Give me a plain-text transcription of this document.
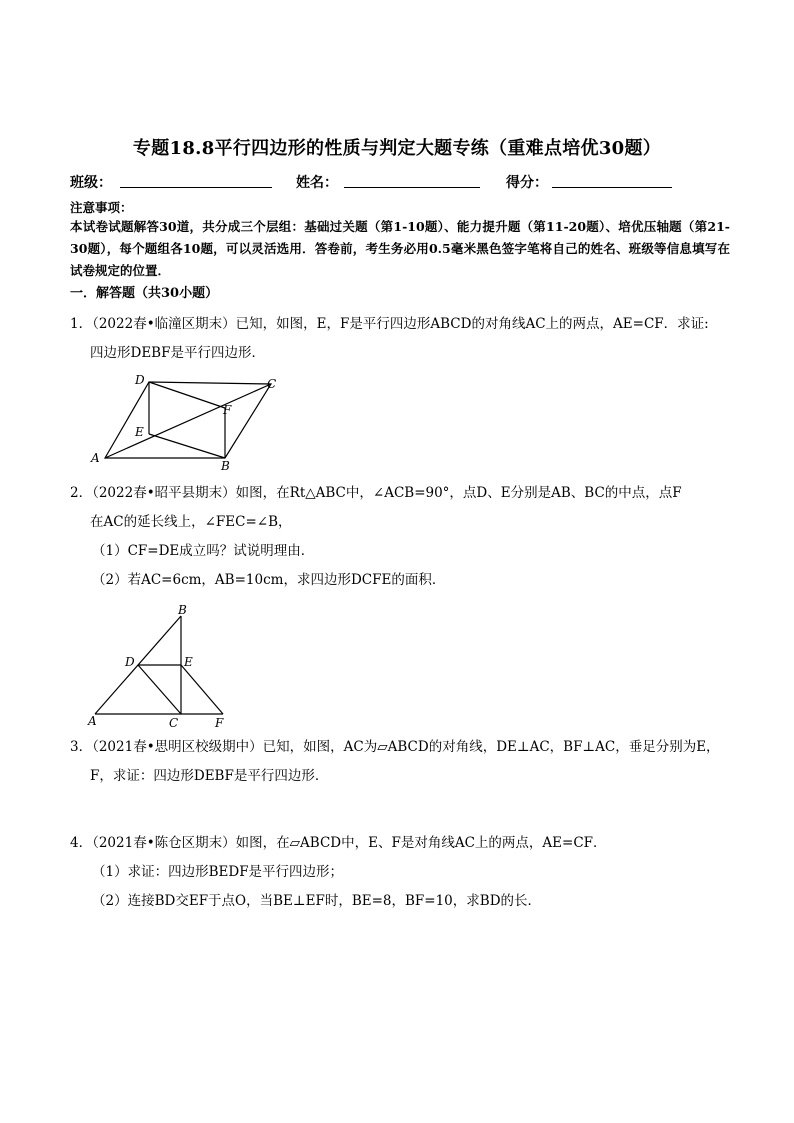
专题18.8平行四边形的性质与判定大题专练（重难点培优30题）
班级：	姓名：	得分：
注意事项：
本试卷试题解答30道，共分成三个层组：基础过关题（第1-10题）、能力提升题（第11-20题）、培优压轴题（第21-30题），每个题组各10题，可以灵活选用．答卷前，考生务必用0.5毫米黑色签字笔将自己的姓名、班级等信息填写在试卷规定的位置．
一．解答题（共30小题）
1．（2022春•临潼区期末）已知，如图，E，F是平行四边形ABCD的对角线AC上的两点，AE=CF．求证:
四边形DEBF是平行四边形．
D	C
F
E
A
B
2．（2022春•昭平县期末）如图，在Rt△ABC中，∠ACB=90°，点D、E分别是AB、BC的中点，点F
在AC的延长线上，∠FEC=∠B，
（1）CF=DE成立吗？试说明理由．
（2）若AC=6cm，AB=10cm，求四边形DCFE的面积．
B
D	E
A	C	F
3．（2021春•思明区校级期中）已知，如图，AC为▱ABCD的对角线，DE⊥AC，BF⊥AC，垂足分别为E，
F，求证：四边形DEBF是平行四边形．
4．（2021春•陈仓区期末）如图，在▱ABCD中，E、F是对角线AC上的两点，AE=CF．
（1）求证：四边形BEDF是平行四边形；
（2）连接BD交EF于点O，当BE⊥EF时，BE=8，BF=10，求BD的长．
